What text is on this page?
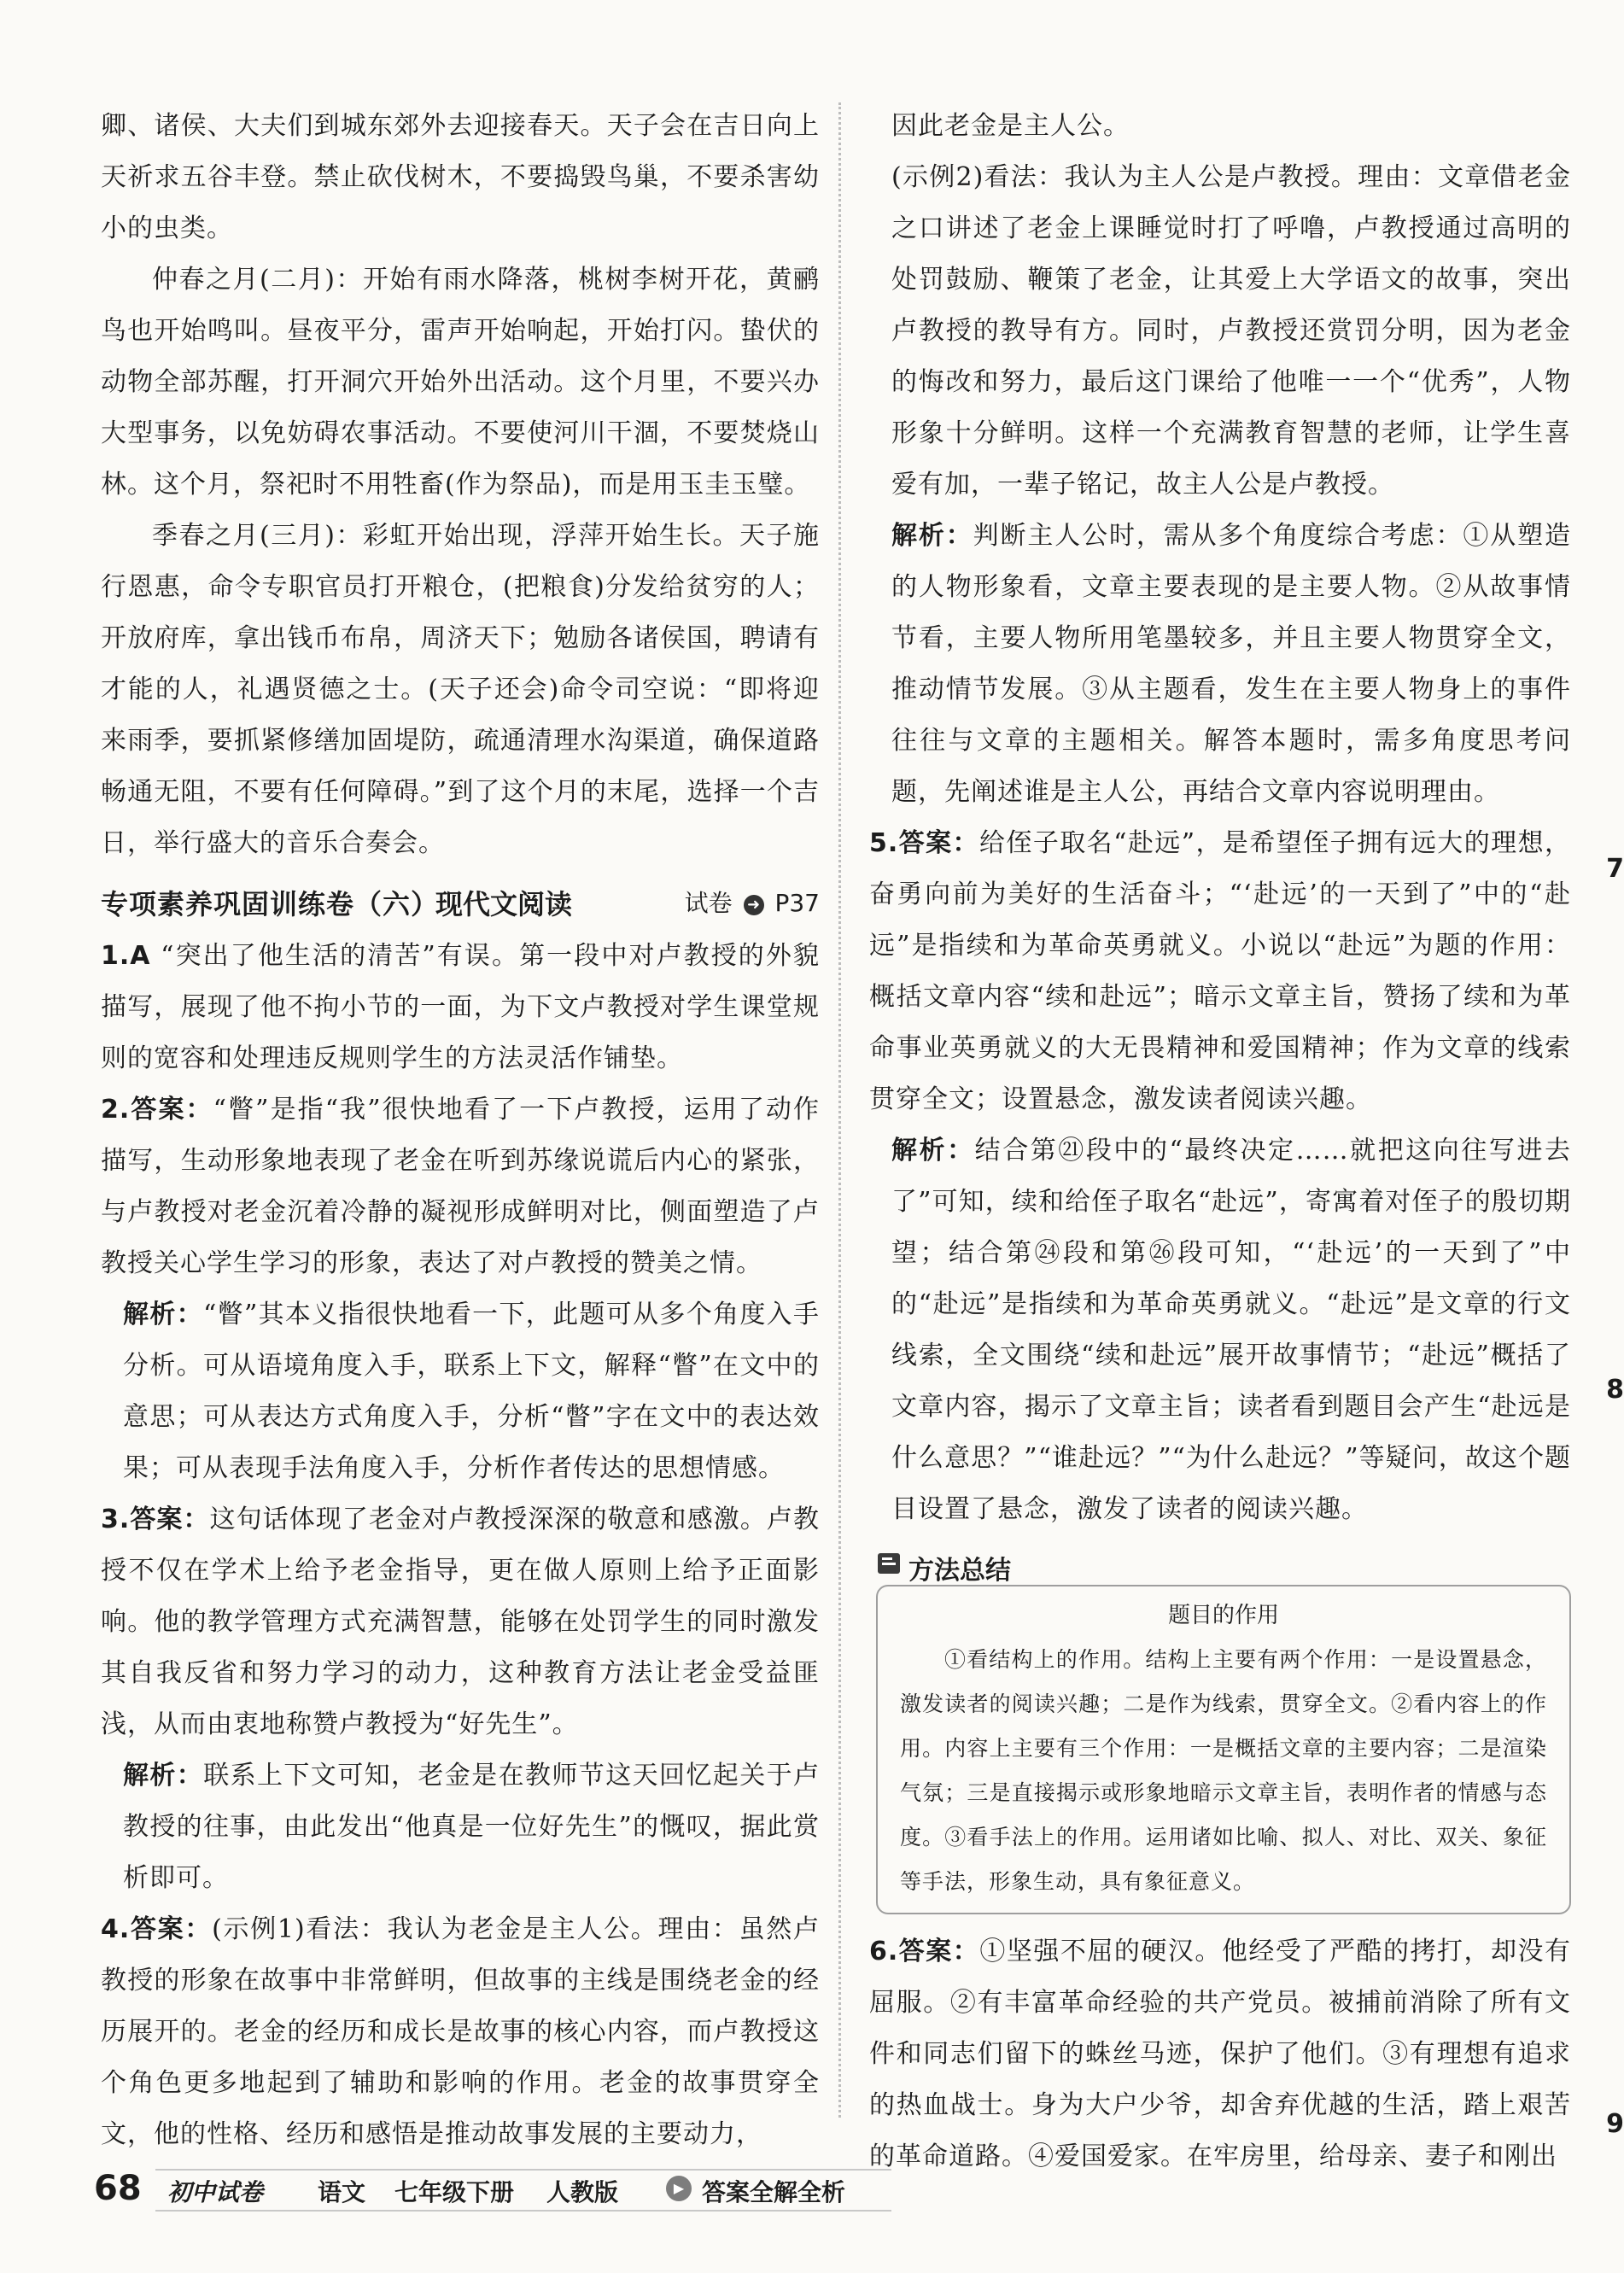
卿、诸侯、大夫们到城东郊外去迎接春天。天子会在吉日向上天祈求五谷丰登。禁止砍伐树木，不要捣毁鸟巢，不要杀害幼小的虫类。

仲春之月(二月)：开始有雨水降落，桃树李树开花，黄鹂鸟也开始鸣叫。昼夜平分，雷声开始响起，开始打闪。蛰伏的动物全部苏醒，打开洞穴开始外出活动。这个月里，不要兴办大型事务，以免妨碍农事活动。不要使河川干涸，不要焚烧山林。这个月，祭祀时不用牲畜(作为祭品)，而是用玉圭玉璧。

季春之月(三月)：彩虹开始出现，浮萍开始生长。天子施行恩惠，命令专职官员打开粮仓，(把粮食)分发给贫穷的人；开放府库，拿出钱币布帛，周济天下；勉励各诸侯国，聘请有才能的人，礼遇贤德之士。(天子还会)命令司空说：“即将迎来雨季，要抓紧修缮加固堤防，疏通清理水沟渠道，确保道路畅通无阻，不要有任何障碍。”到了这个月的末尾，选择一个吉日，举行盛大的音乐合奏会。

专项素养巩固训练卷（六）
现代文阅读	试卷 ➜ P37

1.A “突出了他生活的清苦”有误。第一段中对卢教授的外貌描写，展现了他不拘小节的一面，为下文卢教授对学生课堂规则的宽容和处理违反规则学生的方法灵活作铺垫。

2.答案：“瞥”是指“我”很快地看了一下卢教授，运用了动作描写，生动形象地表现了老金在听到苏缘说谎后内心的紧张，与卢教授对老金沉着冷静的凝视形成鲜明对比，侧面塑造了卢教授关心学生学习的形象，表达了对卢教授的赞美之情。

解析：“瞥”其本义指很快地看一下，此题可从多个角度入手分析。可从语境角度入手，联系上下文，解释“瞥”在文中的意思；可从表达方式角度入手，分析“瞥”字在文中的表达效果；可从表现手法角度入手，分析作者传达的思想情感。

3.答案：这句话体现了老金对卢教授深深的敬意和感激。卢教授不仅在学术上给予老金指导，更在做人原则上给予正面影响。他的教学管理方式充满智慧，能够在处罚学生的同时激发其自我反省和努力学习的动力，这种教育方法让老金受益匪浅，从而由衷地称赞卢教授为“好先生”。

解析：联系上下文可知，老金是在教师节这天回忆起关于卢教授的往事，由此发出“他真是一位好先生”的慨叹，据此赏析即可。

4.答案：(示例1)看法：我认为老金是主人公。理由：虽然卢教授的形象在故事中非常鲜明，但故事的主线是围绕老金的经历展开的。老金的经历和成长是故事的核心内容，而卢教授这个角色更多地起到了辅助和影响的作用。老金的故事贯穿全文，他的性格、经历和感悟是推动故事发展的主要动力，

因此老金是主人公。

(示例2)看法：我认为主人公是卢教授。理由：文章借老金之口讲述了老金上课睡觉时打了呼噜，卢教授通过高明的处罚鼓励、鞭策了老金，让其爱上大学语文的故事，突出卢教授的教导有方。同时，卢教授还赏罚分明，因为老金的悔改和努力，最后这门课给了他唯一一个“优秀”，人物形象十分鲜明。这样一个充满教育智慧的老师，让学生喜爱有加，一辈子铭记，故主人公是卢教授。

解析：判断主人公时，需从多个角度综合考虑：①从塑造的人物形象看，文章主要表现的是主要人物。②从故事情节看，主要人物所用笔墨较多，并且主要人物贯穿全文，推动情节发展。③从主题看，发生在主要人物身上的事件往往与文章的主题相关。解答本题时，需多角度思考问题，先阐述谁是主人公，再结合文章内容说明理由。

5.答案：给侄子取名“赴远”，是希望侄子拥有远大的理想，奋勇向前为美好的生活奋斗；“‘赴远’的一天到了”中的“赴远”是指续和为革命英勇就义。小说以“赴远”为题的作用：概括文章内容“续和赴远”；暗示文章主旨，赞扬了续和为革命事业英勇就义的大无畏精神和爱国精神；作为文章的线索贯穿全文；设置悬念，激发读者阅读兴趣。

解析：结合第㉑段中的“最终决定……就把这向往写进去了”可知，续和给侄子取名“赴远”，寄寓着对侄子的殷切期望；结合第㉔段和第㉖段可知，“‘赴远’的一天到了”中的“赴远”是指续和为革命英勇就义。“赴远”是文章的行文线索，全文围绕“续和赴远”展开故事情节；“赴远”概括了文章内容，揭示了文章主旨；读者看到题目会产生“赴远是什么意思？”“谁赴远？”“为什么赴远？”等疑问，故这个题目设置了悬念，激发了读者的阅读兴趣。

方法总结
题目的作用
①看结构上的作用。结构上主要有两个作用：一是设置悬念，激发读者的阅读兴趣；二是作为线索，贯穿全文。②看内容上的作用。内容上主要有三个作用：一是概括文章的主要内容；二是渲染气氛；三是直接揭示或形象地暗示文章主旨，表明作者的情感与态度。③看手法上的作用。运用诸如比喻、拟人、对比、双关、象征等手法，形象生动，具有象征意义。

6.答案：①坚强不屈的硬汉。他经受了严酷的拷打，却没有屈服。②有丰富革命经验的共产党员。被捕前消除了所有文件和同志们留下的蛛丝马迹，保护了他们。③有理想有追求的热血战士。身为大户少爷，却舍弃优越的生活，踏上艰苦的革命道路。④爱国爱家。在牢房里，给母亲、妻子和刚出

7
8
9
68 初中试卷 语文 七年级下册 人教版	▶ 答案全解全析
